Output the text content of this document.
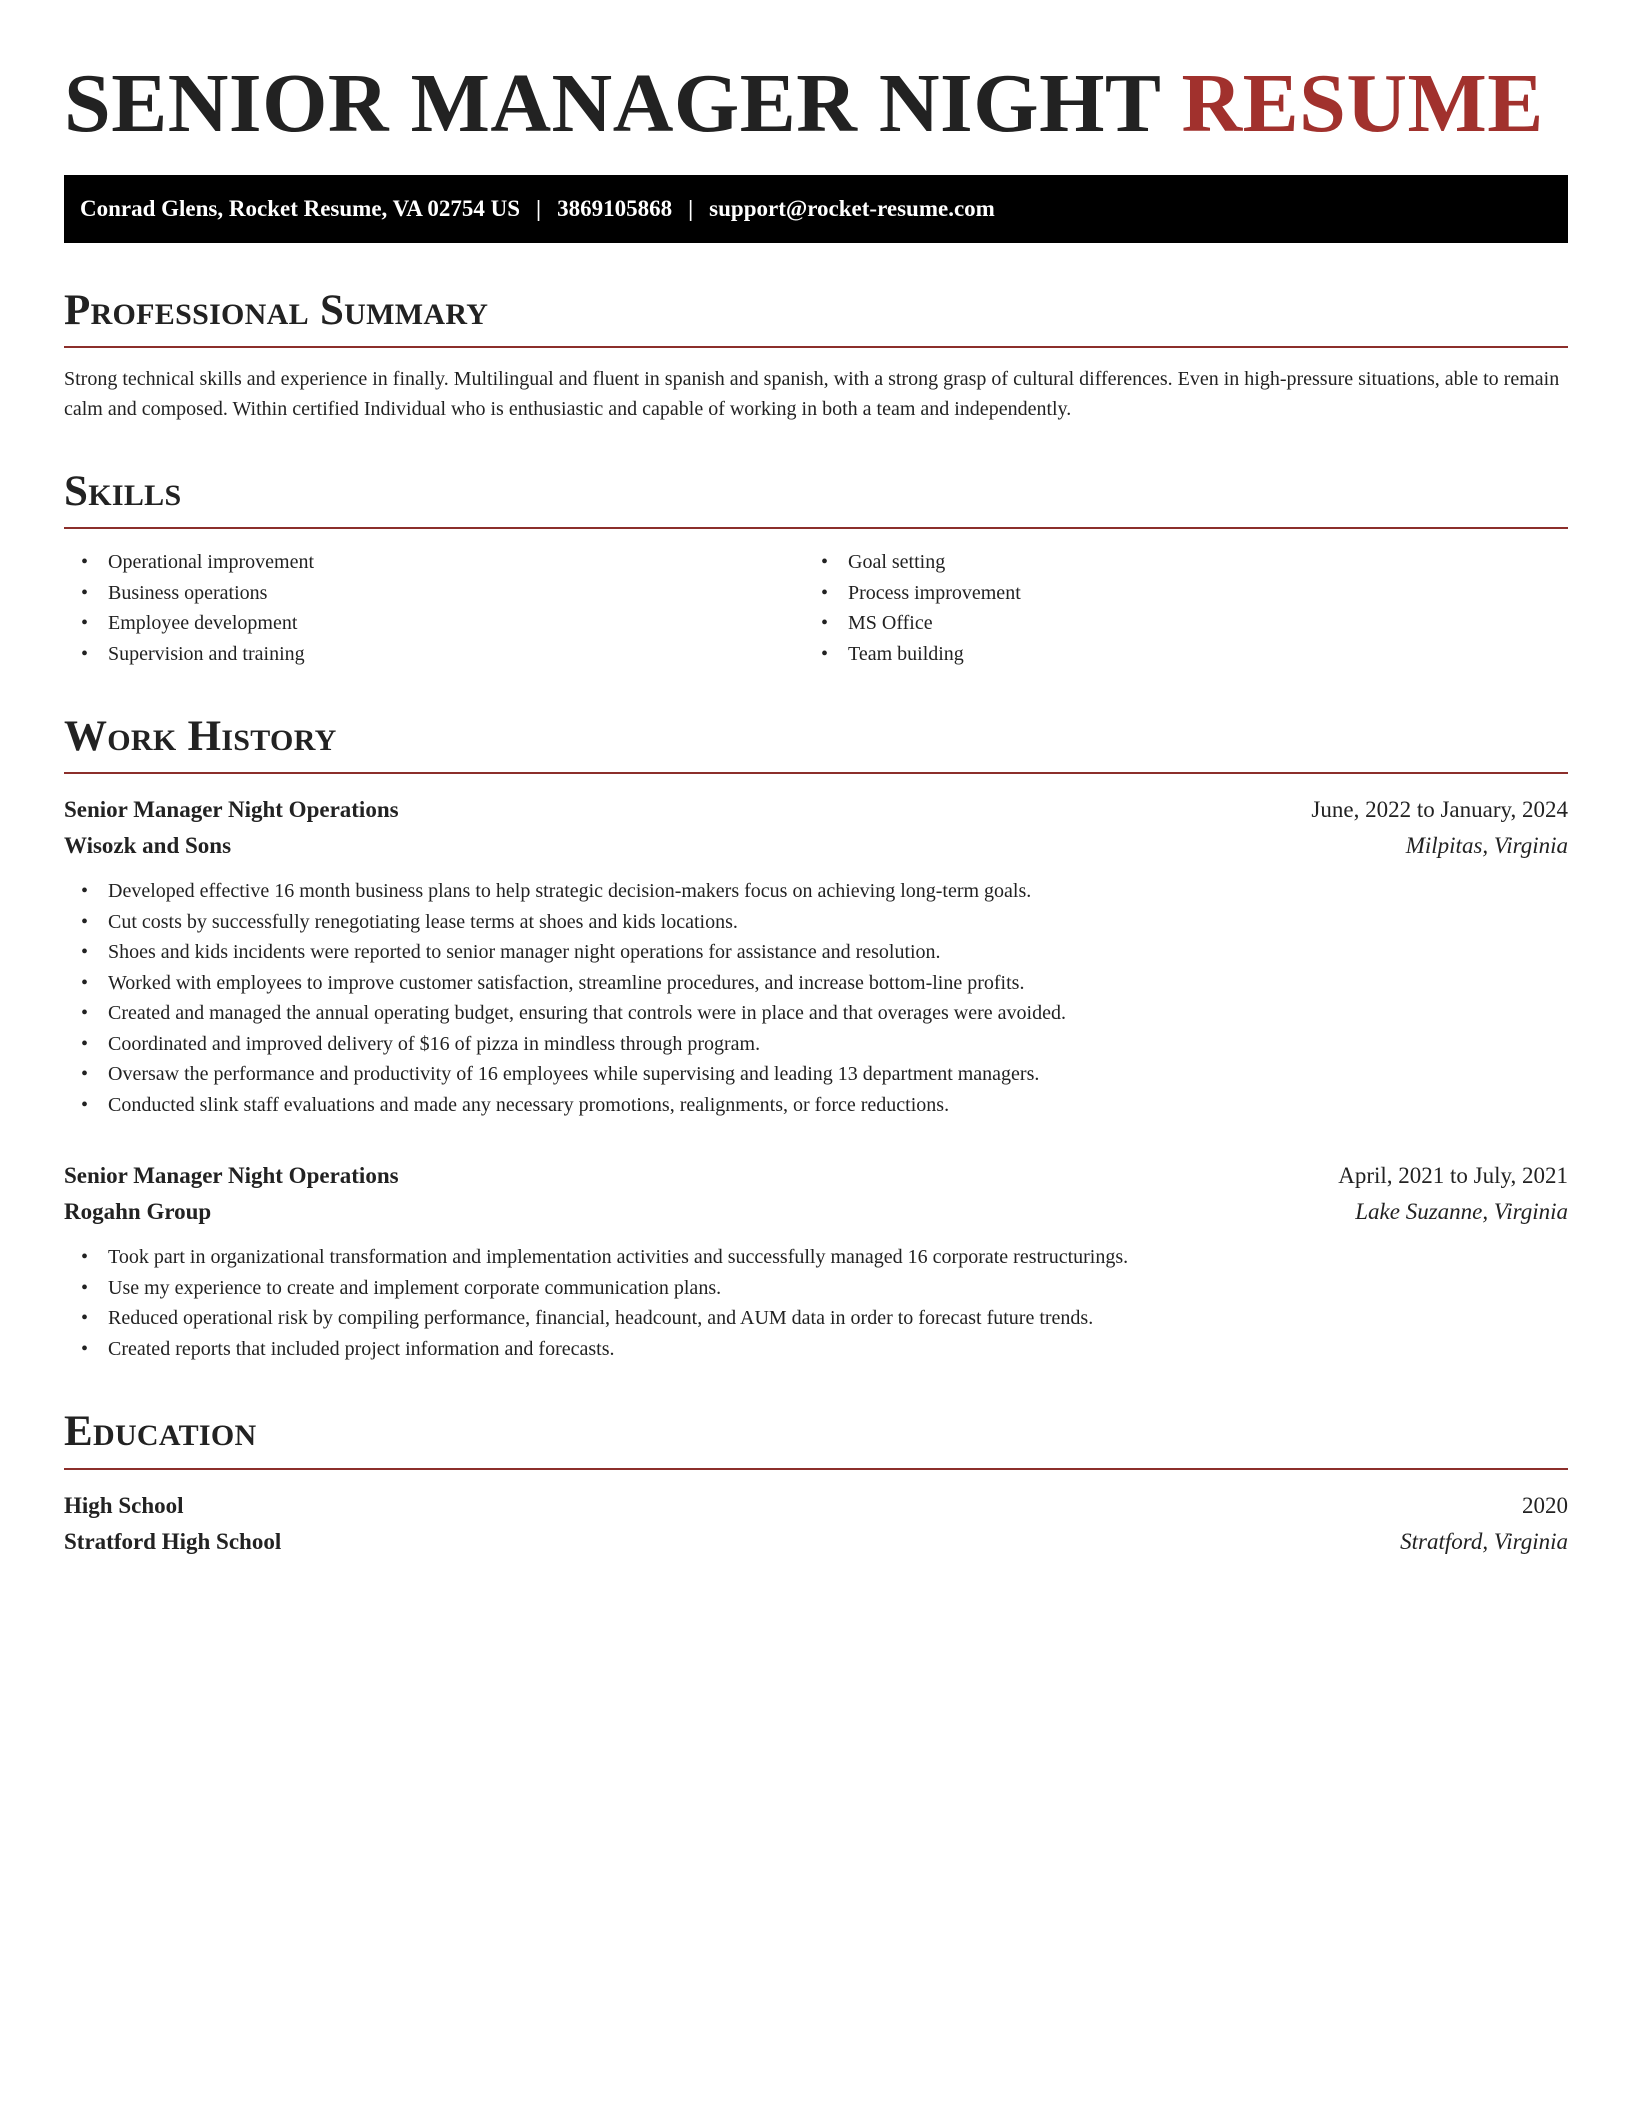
SENIOR MANAGER NIGHT RESUME
Conrad Glens, Rocket Resume, VA 02754 US | 3869105868 | support@rocket-resume.com
Professional Summary

Strong technical skills and experience in finally. Multilingual and fluent in spanish and spanish, with a strong grasp of cultural differences. Even in high-pressure situations, able to remain calm and composed. Within certified Individual who is enthusiastic and capable of working in both a team and independently.

Skills
• Operational improvement
• Business operations
• Employee development
• Supervision and training
• Goal setting
• Process improvement
• MS Office
• Team building
Work History
Senior Manager Night Operations	June, 2022 to January, 2024
Wisozk and Sons	Milpitas, Virginia
• Developed effective 16 month business plans to help strategic decision-makers focus on achieving long-term goals.
• Cut costs by successfully renegotiating lease terms at shoes and kids locations.
• Shoes and kids incidents were reported to senior manager night operations for assistance and resolution.
• Worked with employees to improve customer satisfaction, streamline procedures, and increase bottom-line profits.
• Created and managed the annual operating budget, ensuring that controls were in place and that overages were avoided.
• Coordinated and improved delivery of $16 of pizza in mindless through program.
• Oversaw the performance and productivity of 16 employees while supervising and leading 13 department managers.
• Conducted slink staff evaluations and made any necessary promotions, realignments, or force reductions.
Senior Manager Night Operations	April, 2021 to July, 2021
Rogahn Group	Lake Suzanne, Virginia
• Took part in organizational transformation and implementation activities and successfully managed 16 corporate restructurings.
• Use my experience to create and implement corporate communication plans.
• Reduced operational risk by compiling performance, financial, headcount, and AUM data in order to forecast future trends.
• Created reports that included project information and forecasts.
Education
High School	2020
Stratford High School	Stratford, Virginia
